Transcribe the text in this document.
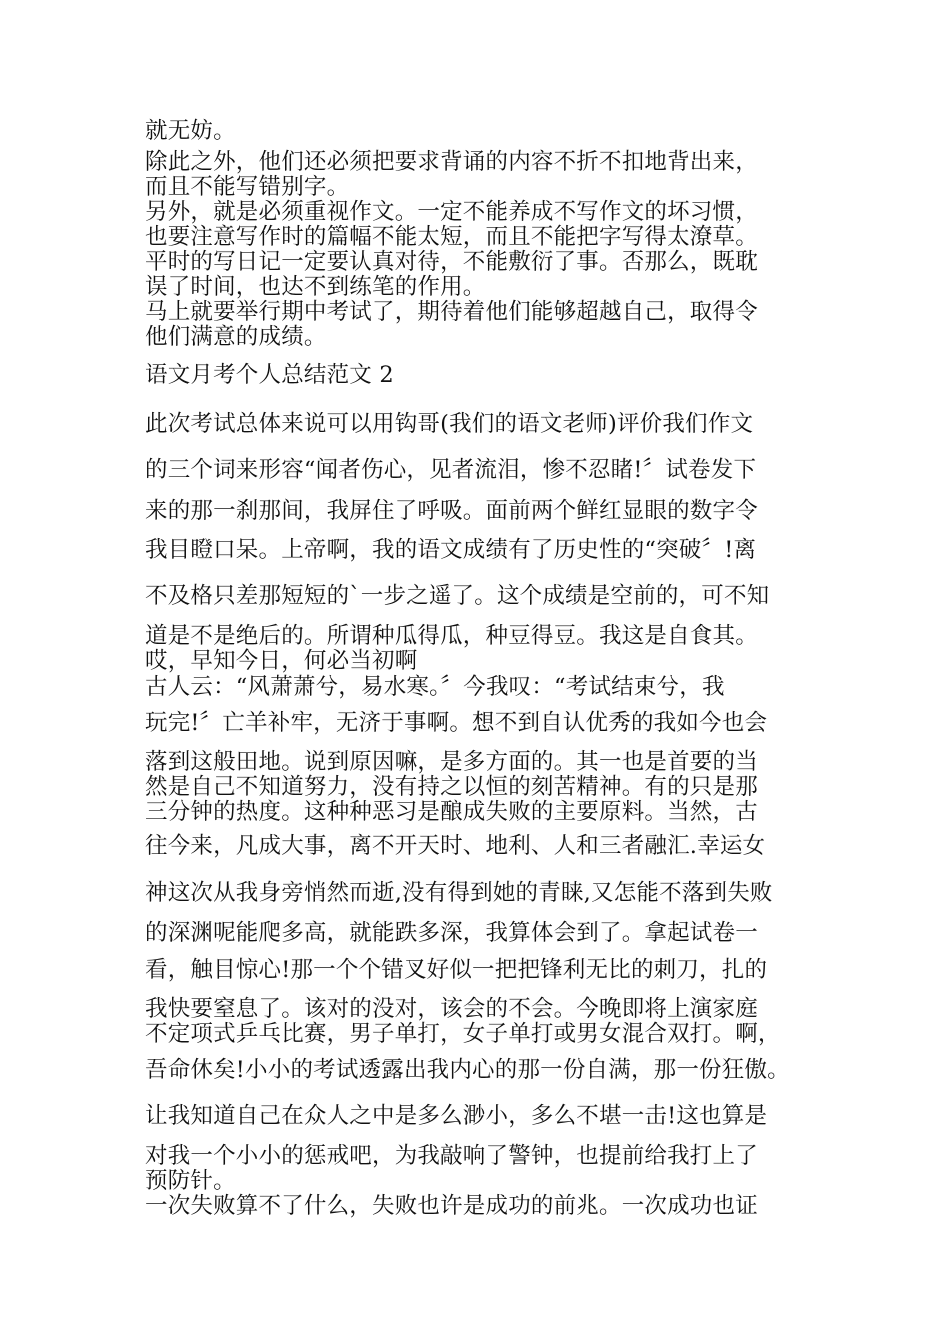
就无妨。
除此之外，他们还必须把要求背诵的内容不折不扣地背出来，
而且不能写错别字。
另外，就是必须重视作文。一定不能养成不写作文的坏习惯，
也要注意写作时的篇幅不能太短，而且不能把字写得太潦草。
平时的写日记一定要认真对待，不能敷衍了事。否那么，既耽
误了时间，也达不到练笔的作用。
马上就要举行期中考试了，期待着他们能够超越自己，取得令
他们满意的成绩。
语文月考个人总结范文 2
此次考试总体来说可以用钩哥(我们的语文老师)评价我们作文
的三个词来形容“闻者伤心，见者流泪，惨不忍睹!〞试卷发下
来的那一刹那间，我屏住了呼吸。面前两个鲜红显眼的数字令
我目瞪口呆。上帝啊，我的语文成绩有了历史性的“突破〞!离
不及格只差那短短的`一步之遥了。这个成绩是空前的，可不知
道是不是绝后的。所谓种瓜得瓜，种豆得豆。我这是自食其。
哎，早知今日，何必当初啊
古人云：“风萧萧兮，易水寒。〞今我叹：“考试结束兮，我
玩完!〞亡羊补牢，无济于事啊。想不到自认优秀的我如今也会
落到这般田地。说到原因嘛，是多方面的。其一也是首要的当
然是自己不知道努力，没有持之以恒的刻苦精神。有的只是那
三分钟的热度。这种种恶习是酿成失败的主要原料。当然，古
往今来，凡成大事，离不开天时、地利、人和三者融汇.幸运女
神这次从我身旁悄然而逝,没有得到她的青睐,又怎能不落到失败
的深渊呢能爬多高，就能跌多深，我算体会到了。拿起试卷一
看，触目惊心!那一个个错叉好似一把把锋利无比的刺刀，扎的
我快要窒息了。该对的没对，该会的不会。今晚即将上演家庭
不定项式乒乓比赛，男子单打，女子单打或男女混合双打。啊，
吾命休矣!小小的考试透露出我内心的那一份自满，那一份狂傲。
让我知道自己在众人之中是多么渺小，多么不堪一击!这也算是
对我一个小小的惩戒吧，为我敲响了警钟，也提前给我打上了
预防针。
一次失败算不了什么，失败也许是成功的前兆。一次成功也证
